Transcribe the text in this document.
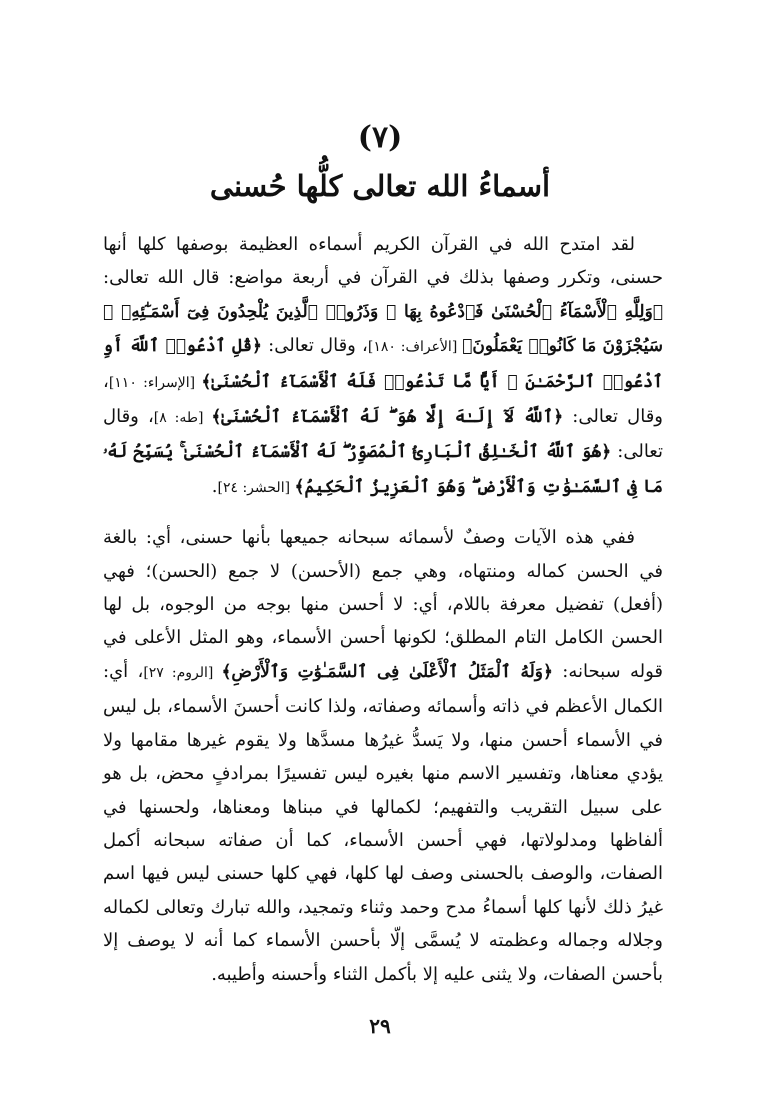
(٧)
أسماءُ الله تعالى كلُّها حُسنى

لقد امتدح الله في القرآن الكريم أسماءه العظيمة بوصفها كلها أنها حسنى، وتكرر وصفها بذلك في القرآن في أربعة مواضع: قال الله تعالى: ﴿وَلِلَّهِ ٱلْأَسْمَآءُ ٱلْحُسْنَىٰ فَٱدْعُوهُ بِهَا ۖ وَذَرُوا۟ ٱلَّذِينَ يُلْحِدُونَ فِىٓ أَسْمَـٰٓئِهِۦ ۚ سَيُجْزَوْنَ مَا كَانُوا۟ يَعْمَلُونَ﴾ [الأعراف: ١٨٠]، وقال تعالى: ﴿قُلِ ٱدْعُوا۟ ٱللَّهَ أَوِ ٱدْعُوا۟ ٱلرَّحْمَـٰنَ ۖ أَيًّا مَّا تَدْعُوا۟ فَلَهُ ٱلْأَسْمَآءُ ٱلْحُسْنَىٰ﴾ [الإسراء: ١١٠]، وقال تعالى: ﴿ٱللَّهُ لَآ إِلَـٰهَ إِلَّا هُوَ ۖ لَهُ ٱلْأَسْمَآءُ ٱلْحُسْنَىٰ﴾ [طه: ٨]، وقال تعالى: ﴿هُوَ ٱللَّهُ ٱلْخَـٰلِقُ ٱلْبَارِئُ ٱلْمُصَوِّرُ ۖ لَهُ ٱلْأَسْمَآءُ ٱلْحُسْنَىٰ ۚ يُسَبِّحُ لَهُۥ مَا فِى ٱلسَّمَـٰوَٰتِ وَٱلْأَرْضِ ۖ وَهُوَ ٱلْعَزِيزُ ٱلْحَكِيمُ﴾ [الحشر: ٢٤].

ففي هذه الآيات وصفٌ لأسمائه سبحانه جميعها بأنها حسنى، أي: بالغة في الحسن كماله ومنتهاه، وهي جمع (الأحسن) لا جمع (الحسن)؛ فهي (أفعل) تفضيل معرفة باللام، أي: لا أحسن منها بوجه من الوجوه، بل لها الحسن الكامل التام المطلق؛ لكونها أحسن الأسماء، وهو المثل الأعلى في قوله سبحانه: ﴿وَلَهُ ٱلْمَثَلُ ٱلْأَعْلَىٰ فِى ٱلسَّمَـٰوَٰتِ وَٱلْأَرْضِ﴾ [الروم: ٢٧]، أي: الكمال الأعظم في ذاته وأسمائه وصفاته، ولذا كانت أحسنَ الأسماء، بل ليس في الأسماء أحسن منها، ولا يَسدُّ غيرُها مسدَّها ولا يقوم غيرها مقامها ولا يؤدي معناها، وتفسير الاسم منها بغيره ليس تفسيرًا بمرادفٍ محض، بل هو على سبيل التقريب والتفهيم؛ لكمالها في مبناها ومعناها، ولحسنها في ألفاظها ومدلولاتها، فهي أحسن الأسماء، كما أن صفاته سبحانه أكمل الصفات، والوصف بالحسنى وصف لها كلها، فهي كلها حسنى ليس فيها اسم غيرُ ذلك لأنها كلها أسماءُ مدح وحمد وثناء وتمجيد، والله تبارك وتعالى لكماله وجلاله وجماله وعظمته لا يُسمَّى إلّا بأحسن الأسماء كما أنه لا يوصف إلا بأحسن الصفات، ولا يثنى عليه إلا بأكمل الثناء وأحسنه وأطيبه.

٢٩
